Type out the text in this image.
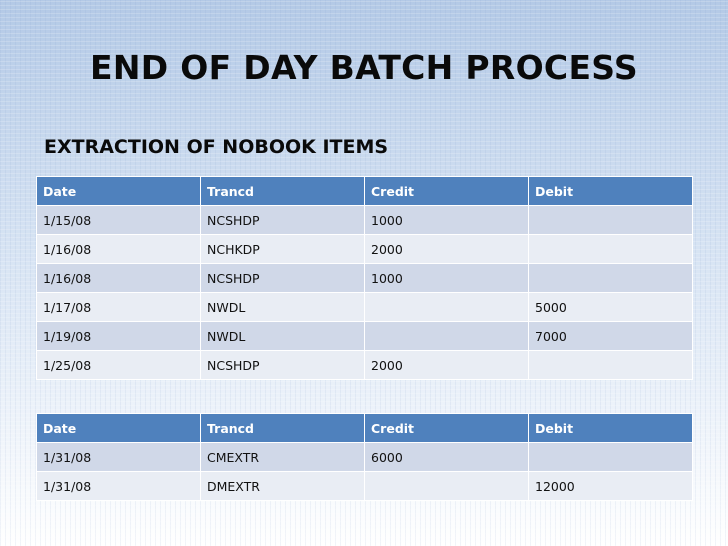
END OF DAY BATCH PROCESS
EXTRACTION OF NOBOOK ITEMS
Date	Trancd	Credit	Debit
1/15/08	NCSHDP	1000	
1/16/08	NCHKDP	2000	
1/16/08	NCSHDP	1000	
1/17/08	NWDL		5000
1/19/08	NWDL		7000
1/25/08	NCSHDP	2000	
Date	Trancd	Credit	Debit
1/31/08	CMEXTR	6000	
1/31/08	DMEXTR		12000
